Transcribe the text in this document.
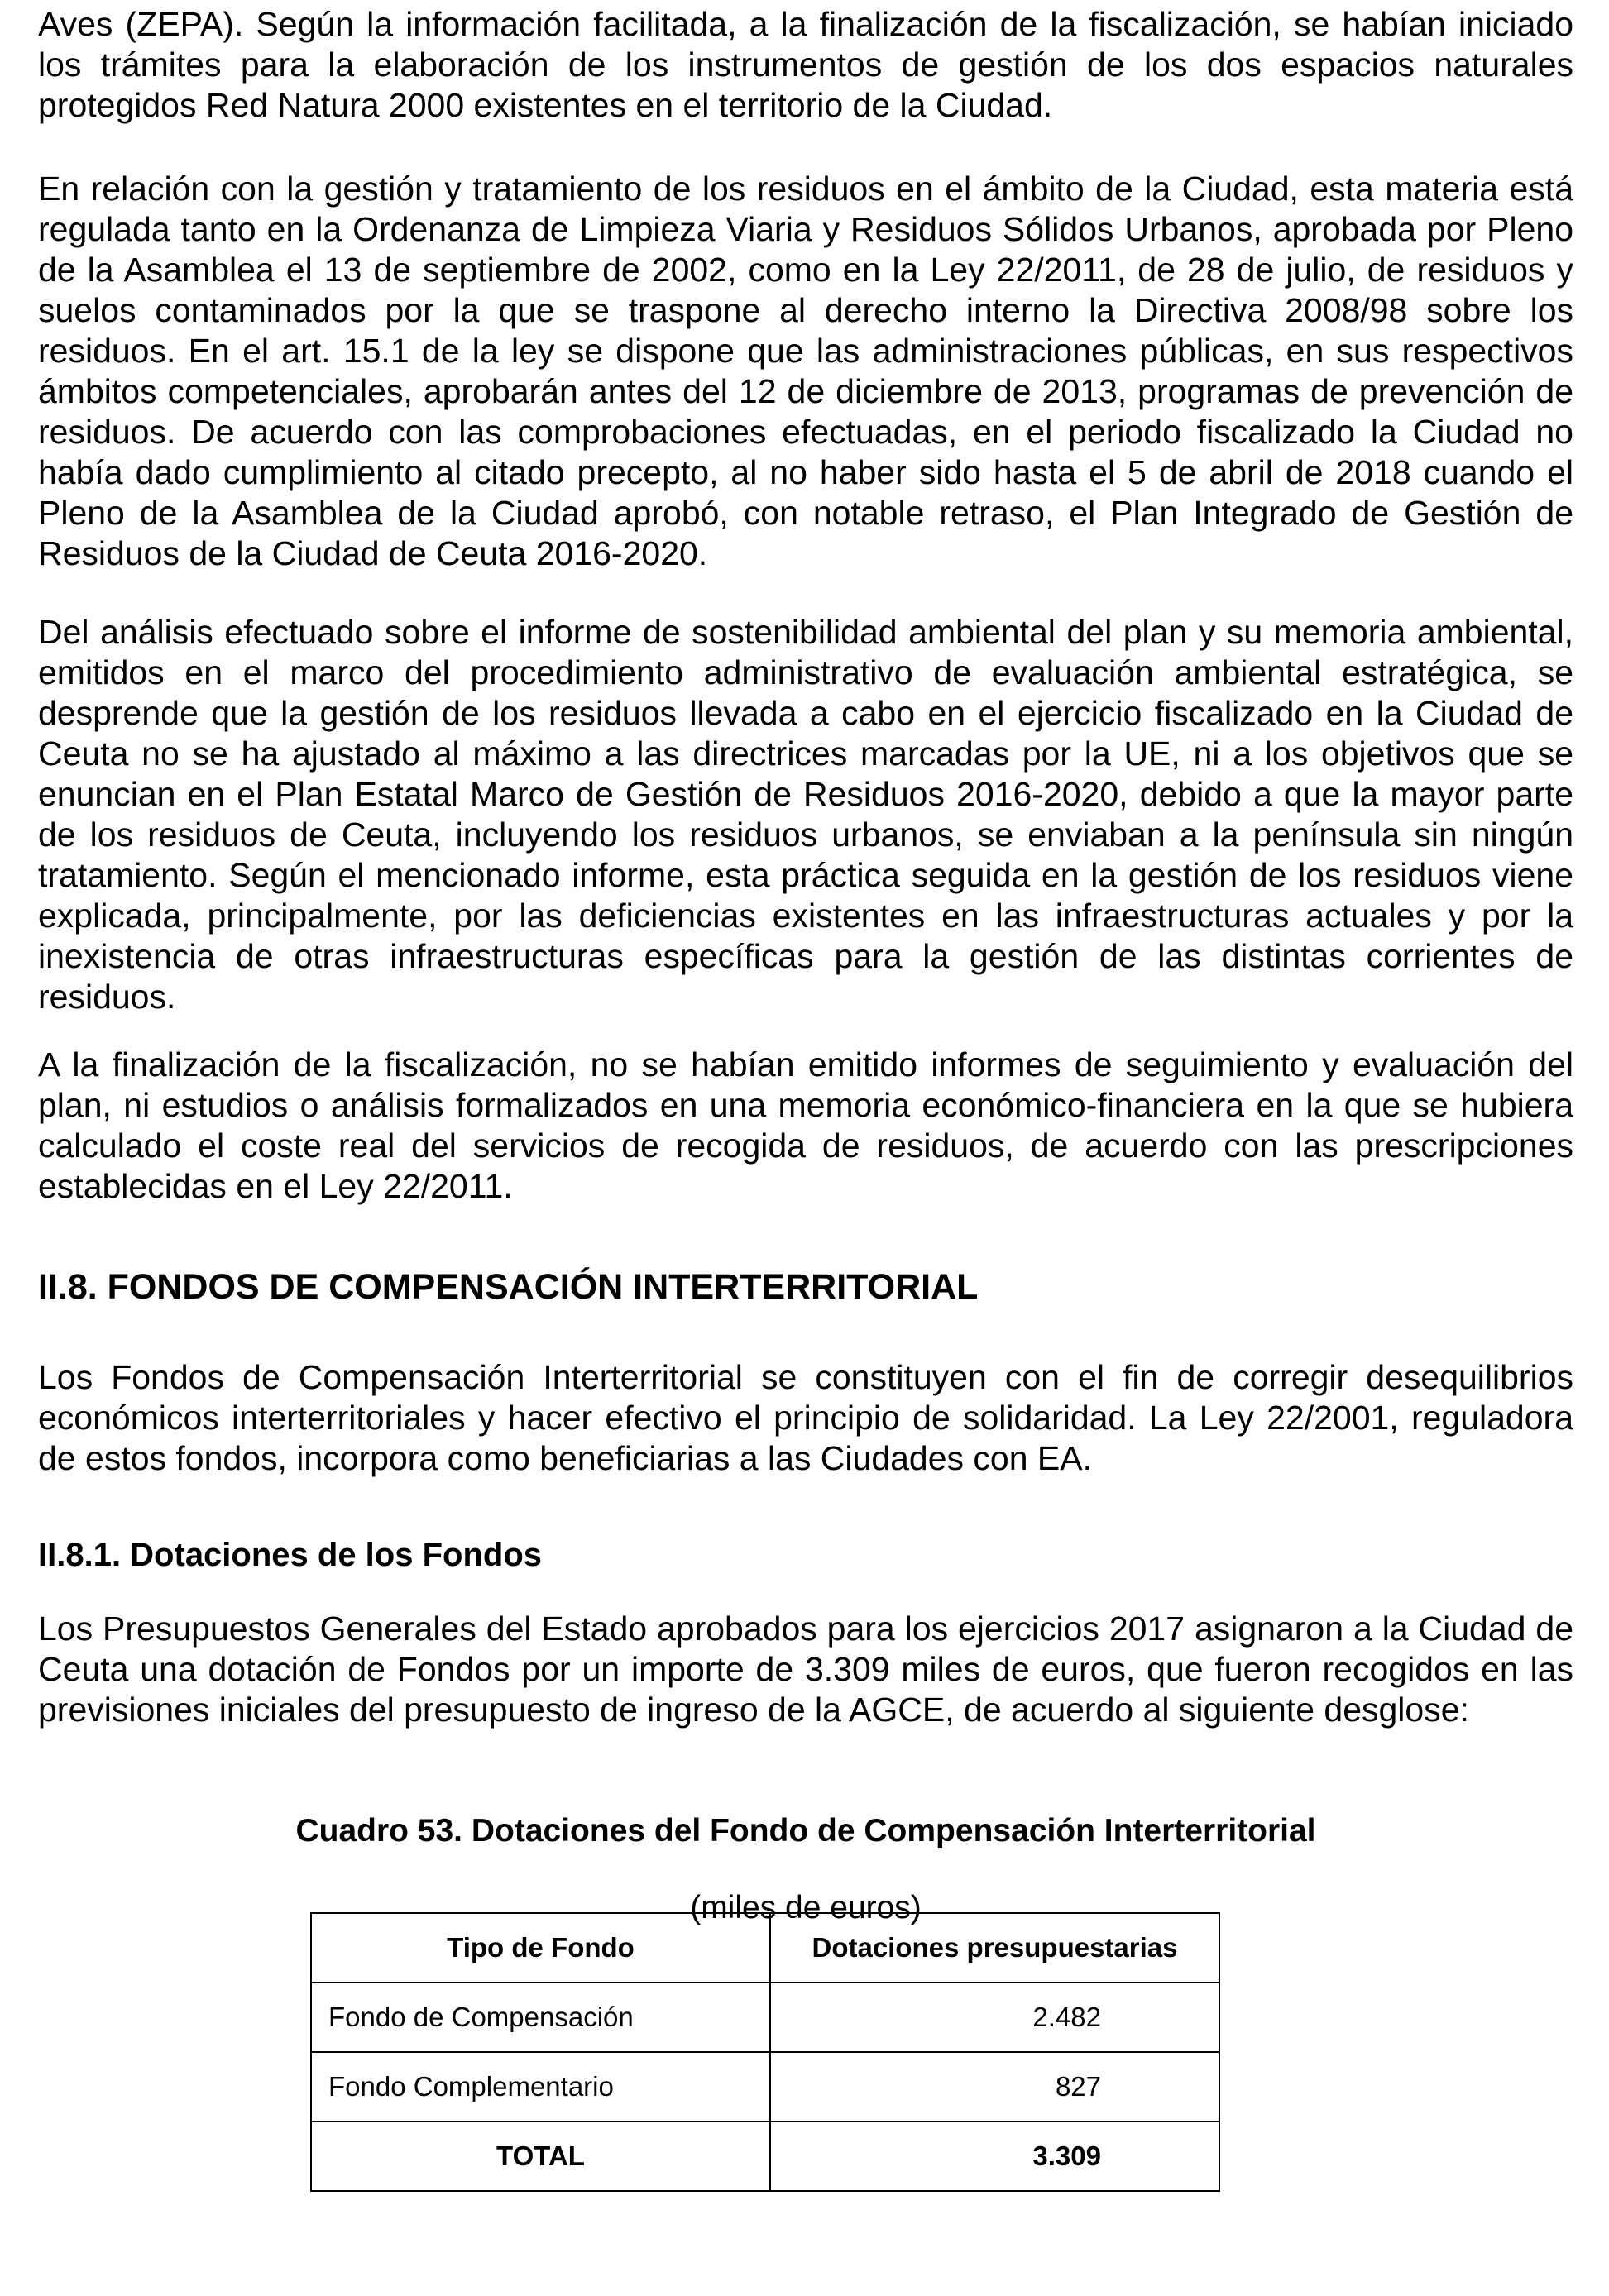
Aves (ZEPA). Según la información facilitada, a la finalización de la fiscalización, se habían iniciado los trámites para la elaboración de los instrumentos de gestión de los dos espacios naturales protegidos Red Natura 2000 existentes en el territorio de la Ciudad.

En relación con la gestión y tratamiento de los residuos en el ámbito de la Ciudad, esta materia está regulada tanto en la Ordenanza de Limpieza Viaria y Residuos Sólidos Urbanos, aprobada por Pleno de la Asamblea el 13 de septiembre de 2002, como en la Ley 22/2011, de 28 de julio, de residuos y suelos contaminados por la que se traspone al derecho interno la Directiva 2008/98 sobre los residuos. En el art. 15.1 de la ley se dispone que las administraciones públicas, en sus respectivos ámbitos competenciales, aprobarán antes del 12 de diciembre de 2013, programas de prevención de residuos. De acuerdo con las comprobaciones efectuadas, en el periodo fiscalizado la Ciudad no había dado cumplimiento al citado precepto, al no haber sido hasta el 5 de abril de 2018 cuando el Pleno de la Asamblea de la Ciudad aprobó, con notable retraso, el Plan Integrado de Gestión de Residuos de la Ciudad de Ceuta 2016-2020.

Del análisis efectuado sobre el informe de sostenibilidad ambiental del plan y su memoria ambiental, emitidos en el marco del procedimiento administrativo de evaluación ambiental estratégica, se desprende que la gestión de los residuos llevada a cabo en el ejercicio fiscalizado en la Ciudad de Ceuta no se ha ajustado al máximo a las directrices marcadas por la UE, ni a los objetivos que se enuncian en el Plan Estatal Marco de Gestión de Residuos 2016-2020, debido a que la mayor parte de los residuos de Ceuta, incluyendo los residuos urbanos, se enviaban a la península sin ningún tratamiento. Según el mencionado informe, esta práctica seguida en la gestión de los residuos viene explicada, principalmente, por las deficiencias existentes en las infraestructuras actuales y por la inexistencia de otras infraestructuras específicas para la gestión de las distintas corrientes de residuos.

A la finalización de la fiscalización, no se habían emitido informes de seguimiento y evaluación del plan, ni estudios o análisis formalizados en una memoria económico-financiera en la que se hubiera calculado el coste real del servicios de recogida de residuos, de acuerdo con las prescripciones establecidas en el Ley 22/2011.

II.8. FONDOS DE COMPENSACIÓN INTERTERRITORIAL

Los Fondos de Compensación Interterritorial se constituyen con el fin de corregir desequilibrios económicos interterritoriales y hacer efectivo el principio de solidaridad. La Ley 22/2001, reguladora de estos fondos, incorpora como beneficiarias a las Ciudades con EA.

II.8.1. Dotaciones de los Fondos

Los Presupuestos Generales del Estado aprobados para los ejercicios 2017 asignaron a la Ciudad de Ceuta una dotación de Fondos por un importe de 3.309 miles de euros, que fueron recogidos en las previsiones iniciales del presupuesto de ingreso de la AGCE, de acuerdo al siguiente desglose:

Cuadro 53. Dotaciones del Fondo de Compensación Interterritorial
(miles de euros)
Tipo de Fondo	Dotaciones presupuestarias
Fondo de Compensación	2.482
Fondo Complementario	827
TOTAL	3.309
